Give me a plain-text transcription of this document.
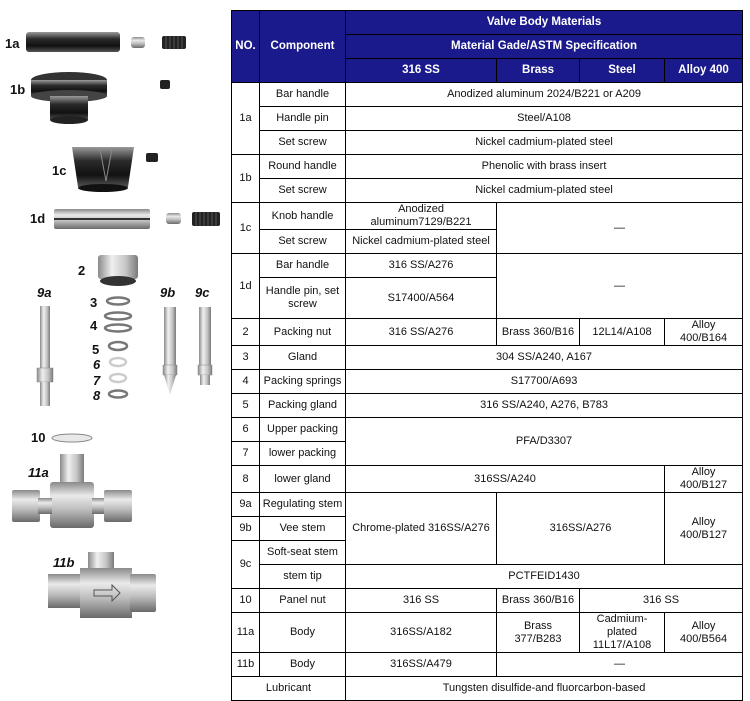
1a
1b
1c
1d
2
3
4
5
6
7
8
9a	9b 9c
10
11a
11b
NO.	Component	Valve Body Materials			
		Material Gade/ASTM Specification			
		316 SS	Brass	Steel	Alloy 400
1a	Bar handle	Anodized aluminum 2024/B221 or A209			
	Handle pin	Steel/A108			
	Set screw	Nickel cadmium-plated steel			
1b	Round handle	Phenolic with brass insert			
	Set screw	Nickel cadmium-plated steel			
1c	Knob handle	Anodized aluminum7129/B221	—		
	Set screw	Nickel cadmium-plated steel			
1d	Bar handle	316 SS/A276	—		
	Handle pin, set screw	S17400/A564			
2	Packing nut	316 SS/A276	Brass 360/B16	12L14/A108	Alloy 400/B164
3	Gland	304 SS/A240, A167			
4	Packing springs	S17700/A693			
5	Packing gland	316 SS/A240, A276, B783			
6	Upper packing	PFA/D3307			
7	lower packing				
8	lower gland	316SS/A240			Alloy 400/B127
9a	Regulating stem	Chrome-plated 316SS/A276	316SS/A276		Alloy 400/B127
9b	Vee stem				
9c	Soft-seat stem				
	stem tip	PCTFEID1430			
10	Panel nut	316 SS	Brass 360/B16	316 SS	
11a	Body	316SS/A182	Brass 377/B283	Cadmium-plated 11L17/A108	Alloy 400/B564
11b	Body	316SS/A479	—		
Lubricant		Tungsten disulfide-and fluorcarbon-based			
